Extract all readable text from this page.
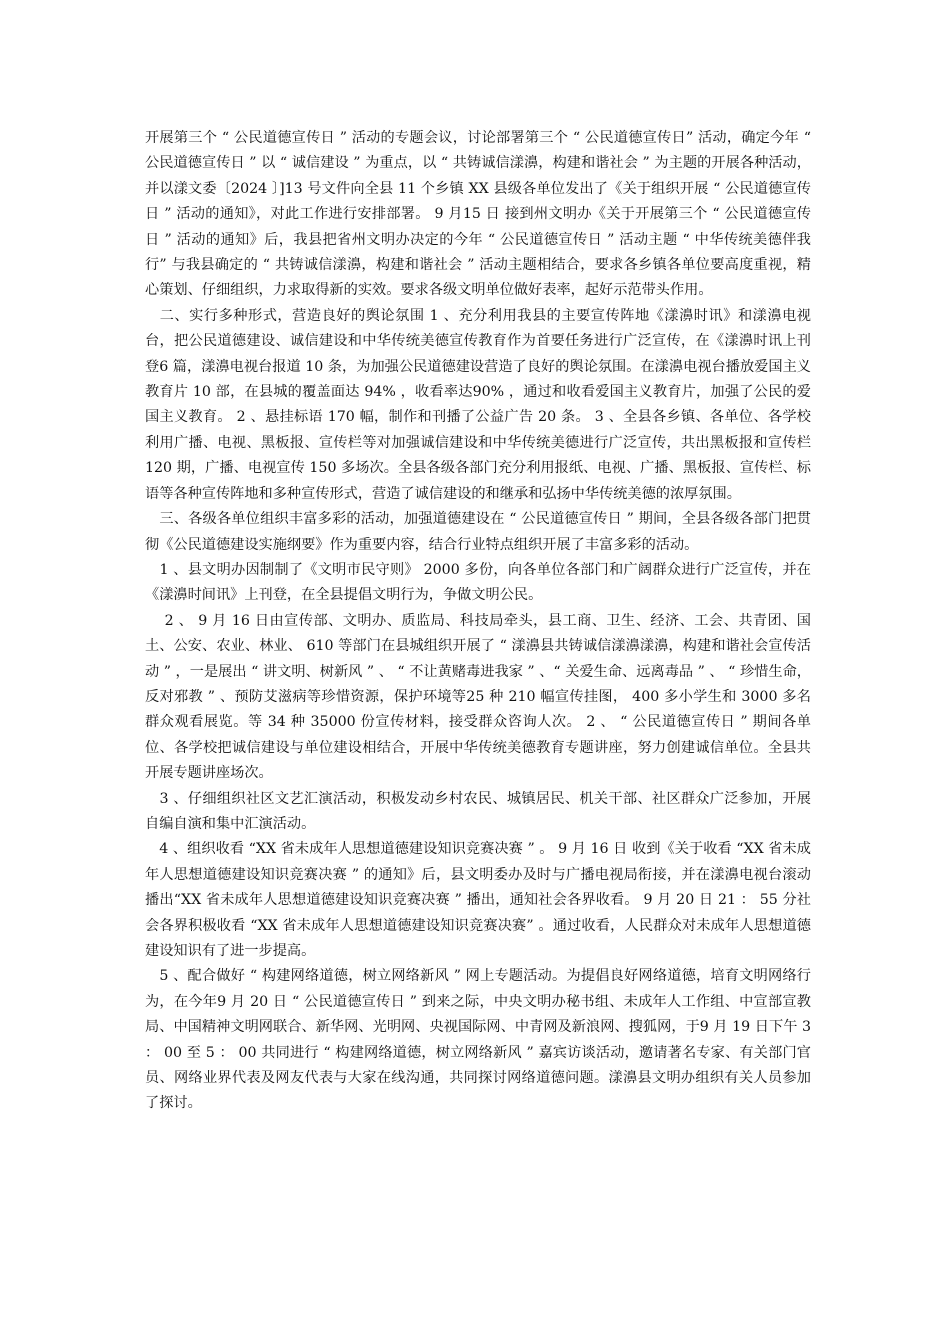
开展第三个 “ 公民道德宣传日 ” 活动的专题会议，讨论部署第三个 “ 公民道德宣传日” 活动，确定今年 “ 公民道德宣传日 ” 以 “ 诚信建设 ” 为重点，以 “ 共铸诚信漾濞，构建和谐社会 ” 为主题的开展各种活动，并以漾文委〔2024 〕]13 号文件向全县 11 个乡镇 XX 县级各单位发出了《关于组织开展 “ 公民道德宣传日 ” 活动的通知》，对此工作进行安排部署。 9 月15 日 接到州文明办《关于开展第三个 “ 公民道德宣传日 ” 活动的通知》后，我县把省州文明办决定的今年 “ 公民道德宣传日 ” 活动主题 “ 中华传统美德伴我行” 与我县确定的 “ 共铸诚信漾濞，构建和谐社会 ” 活动主题相结合，要求各乡镇各单位要高度重视，精心策划、仔细组织，力求取得新的实效。要求各级文明单位做好表率，起好示范带头作用。

　二、实行多种形式，营造良好的舆论氛围 1 、充分利用我县的主要宣传阵地《漾濞时讯》和漾濞电视台，把公民道德建设、诚信建设和中华传统美德宣传教育作为首要任务进行广泛宣传，在《漾濞时讯上刊登6 篇，漾濞电视台报道 10 条，为加强公民道德建设营造了良好的舆论氛围。在漾濞电视台播放爱国主义教育片 10 部，在县城的覆盖面达 94% ，收看率达90% ，通过和收看爱国主义教育片，加强了公民的爱国主义教育。 2 、悬挂标语 170 幅，制作和刊播了公益广告 20 条。 3 、全县各乡镇、各单位、各学校利用广播、电视、黑板报、宣传栏等对加强诚信建设和中华传统美德进行广泛宣传，共出黑板报和宣传栏 120 期，广播、电视宣传 150 多场次。全县各级各部门充分利用报纸、电视、广播、黑板报、宣传栏、标语等各种宣传阵地和多种宣传形式，营造了诚信建设的和继承和弘扬中华传统美德的浓厚氛围。

　三、各级各单位组织丰富多彩的活动，加强道德建设在 “ 公民道德宣传日 ” 期间，全县各级各部门把贯彻《公民道德建设实施纲要》作为重要内容，结合行业特点组织开展了丰富多彩的活动。

　1 、县文明办因制制了《文明市民守则》 2000 多份，向各单位各部门和广阔群众进行广泛宣传，并在《漾濞时间讯》上刊登，在全县提倡文明行为，争做文明公民。

　 2 、 9 月 16 日由宣传部、文明办、质监局、科技局牵头，县工商、卫生、经济、工会、共青团、国土、公安、农业、林业、 610 等部门在县城组织开展了 “ 漾濞县共铸诚信漾濞漾濞，构建和谐社会宣传活动 ” ，一是展出 “ 讲文明、树新风 ” 、 “ 不让黄赌毒进我家 ” 、“ 关爱生命、远离毒品 ” 、 “ 珍惜生命，反对邪教 ” 、预防艾滋病等珍惜资源，保护环境等25 种 210 幅宣传挂图， 400 多小学生和 3000 多名群众观看展览。等 34 种 35000 份宣传材料，接受群众咨询人次。 2 、 “ 公民道德宣传日 ” 期间各单位、各学校把诚信建设与单位建设相结合，开展中华传统美德教育专题讲座，努力创建诚信单位。全县共开展专题讲座场次。

　3 、仔细组织社区文艺汇演活动，积极发动乡村农民、城镇居民、机关干部、社区群众广泛参加，开展自编自演和集中汇演活动。

　4 、组织收看 “XX 省未成年人思想道德建设知识竞赛决赛 ” 。 9 月 16 日 收到《关于收看 “XX 省未成年人思想道德建设知识竞赛决赛 ” 的通知》后，县文明委办及时与广播电视局衔接，并在漾濞电视台滚动播出“XX 省未成年人思想道德建设知识竞赛决赛 ” 播出，通知社会各界收看。 9 月 20 日 21 ： 55 分社会各界积极收看 “XX 省未成年人思想道德建设知识竞赛决赛” 。通过收看，人民群众对未成年人思想道德建设知识有了进一步提高。

　5 、配合做好 “ 构建网络道德，树立网络新风 ” 网上专题活动。为提倡良好网络道德，培育文明网络行为，在今年9 月 20 日 “ 公民道德宣传日 ” 到来之际，中央文明办秘书组、未成年人工作组、中宣部宣教局、中国精神文明网联合、新华网、光明网、央视国际网、中青网及新浪网、搜狐网，于9 月 19 日下午 3 ： 00 至 5 ： 00 共同进行 “ 构建网络道德，树立网络新风 ” 嘉宾访谈活动，邀请著名专家、有关部门官员、网络业界代表及网友代表与大家在线沟通，共同探讨网络道德问题。漾濞县文明办组织有关人员参加了探讨。
